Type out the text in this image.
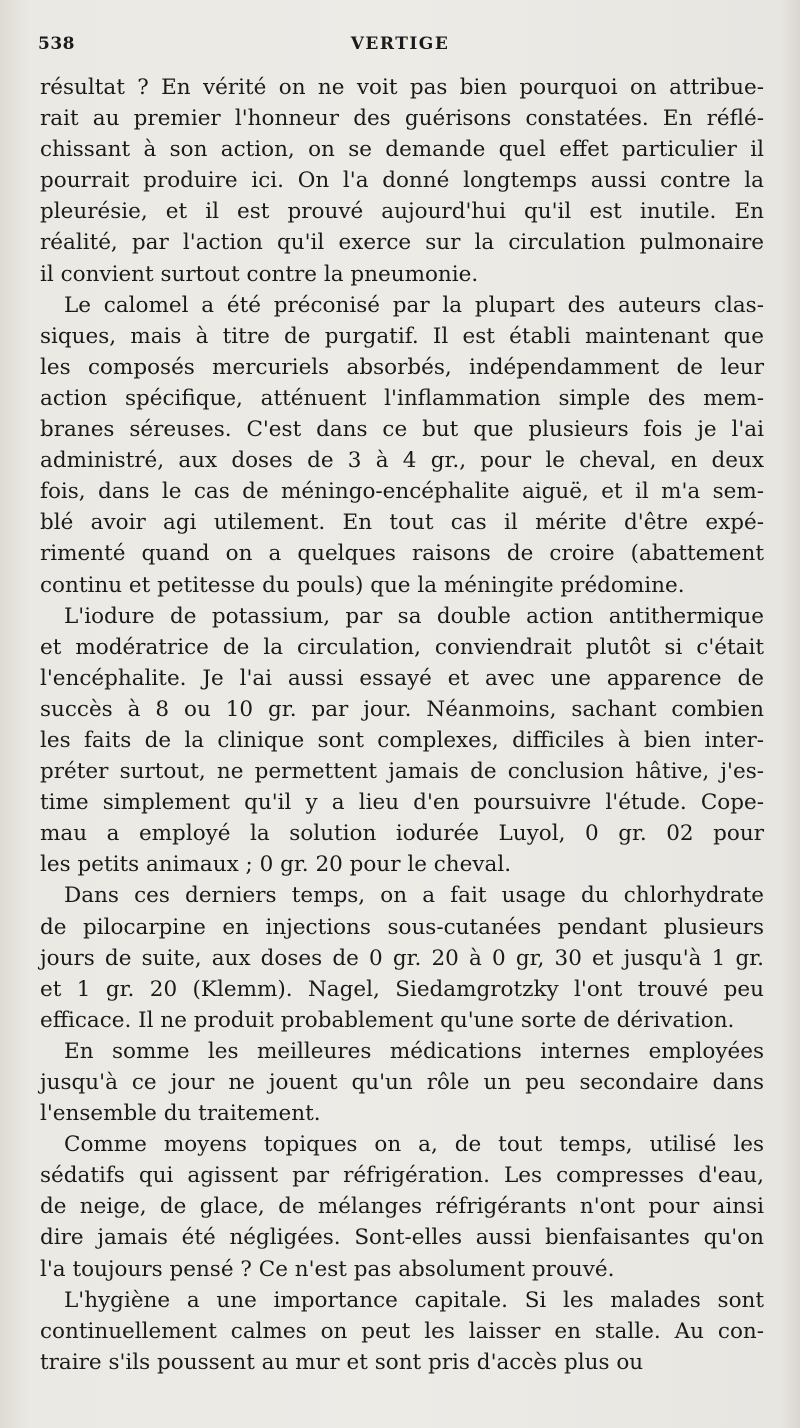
538	VERTIGE
résultat ? En vérité on ne voit pas bien pourquoi on attribue-
rait au premier l'honneur des guérisons constatées. En réflé-
chissant à son action, on se demande quel effet particulier il
pourrait produire ici. On l'a donné longtemps aussi contre la
pleurésie, et il est prouvé aujourd'hui qu'il est inutile. En
réalité, par l'action qu'il exerce sur la circulation pulmonaire
il convient surtout contre la pneumonie.
Le calomel a été préconisé par la plupart des auteurs clas-
siques, mais à titre de purgatif. Il est établi maintenant que
les composés mercuriels absorbés, indépendamment de leur
action spécifique, atténuent l'inflammation simple des mem-
branes séreuses. C'est dans ce but que plusieurs fois je l'ai
administré, aux doses de 3 à 4 gr., pour le cheval, en deux
fois, dans le cas de méningo-encéphalite aiguë, et il m'a sem-
blé avoir agi utilement. En tout cas il mérite d'être expé-
rimenté quand on a quelques raisons de croire (abattement
continu et petitesse du pouls) que la méningite prédomine.
L'iodure de potassium, par sa double action antithermique
et modératrice de la circulation, conviendrait plutôt si c'était
l'encéphalite. Je l'ai aussi essayé et avec une apparence de
succès à 8 ou 10 gr. par jour. Néanmoins, sachant combien
les faits de la clinique sont complexes, difficiles à bien inter-
préter surtout, ne permettent jamais de conclusion hâtive, j'es-
time simplement qu'il y a lieu d'en poursuivre l'étude. Cope-
mau a employé la solution iodurée Luyol, 0 gr. 02 pour
les petits animaux ; 0 gr. 20 pour le cheval.
Dans ces derniers temps, on a fait usage du chlorhydrate
de pilocarpine en injections sous-cutanées pendant plusieurs
jours de suite, aux doses de 0 gr. 20 à 0 gr, 30 et jusqu'à 1 gr.
et 1 gr. 20 (Klemm). Nagel, Siedamgrotzky l'ont trouvé peu
efficace. Il ne produit probablement qu'une sorte de dérivation.
En somme les meilleures médications internes employées
jusqu'à ce jour ne jouent qu'un rôle un peu secondaire dans
l'ensemble du traitement.
Comme moyens topiques on a, de tout temps, utilisé les
sédatifs qui agissent par réfrigération. Les compresses d'eau,
de neige, de glace, de mélanges réfrigérants n'ont pour ainsi
dire jamais été négligées. Sont-elles aussi bienfaisantes qu'on
l'a toujours pensé ? Ce n'est pas absolument prouvé.
L'hygiène a une importance capitale. Si les malades sont
continuellement calmes on peut les laisser en stalle. Au con-
traire s'ils poussent au mur et sont pris d'accès plus ou
